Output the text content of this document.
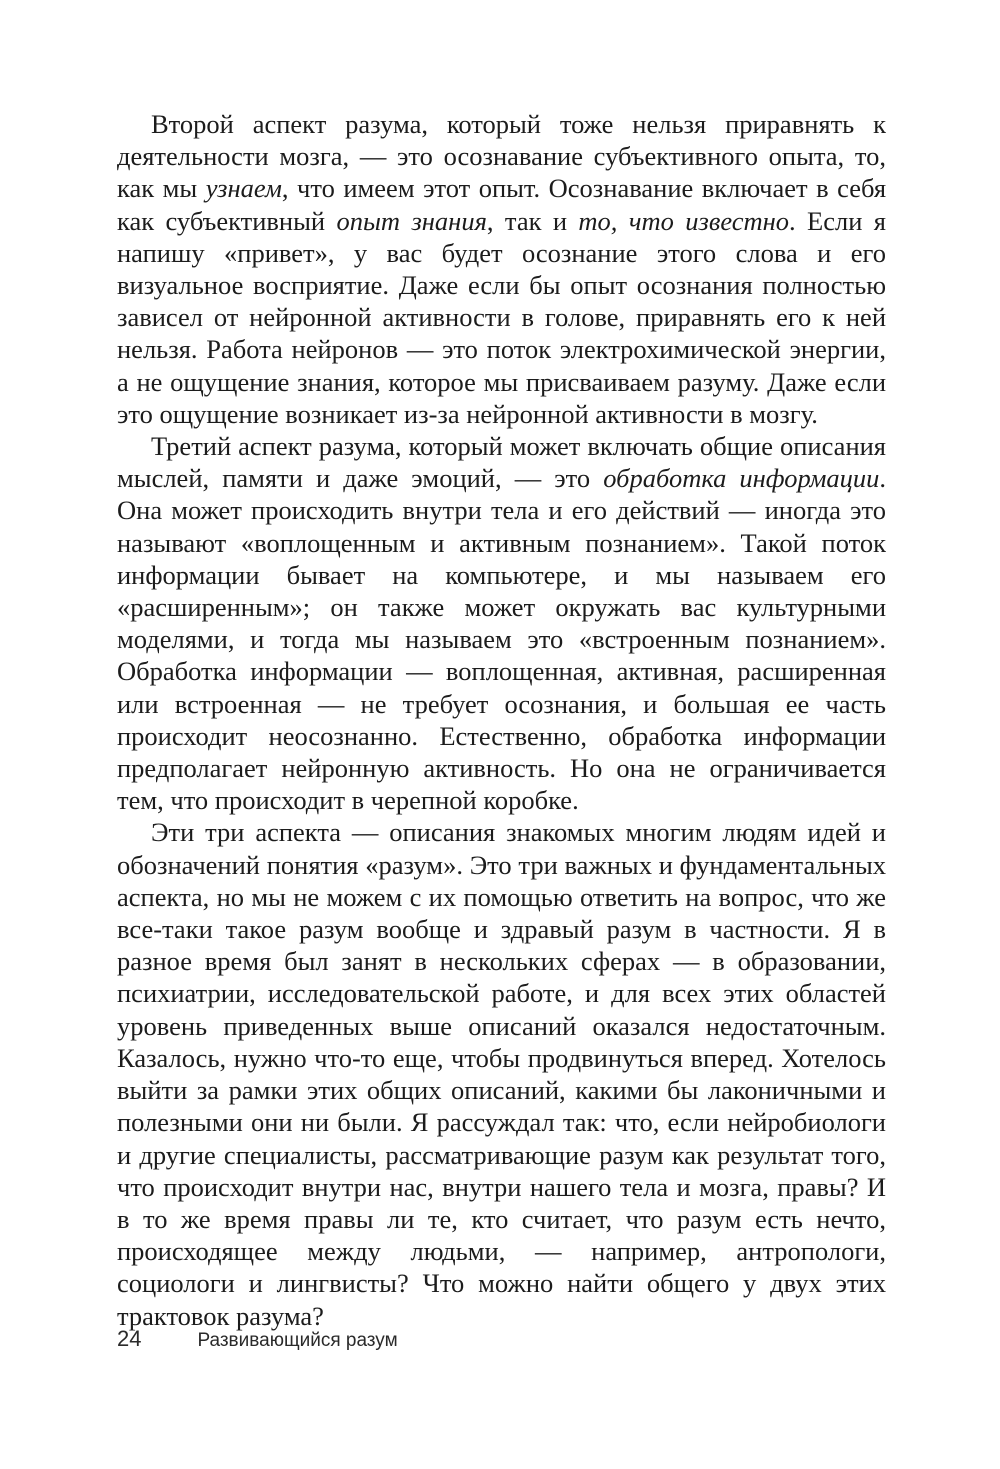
Второй аспект разума, который тоже нельзя приравнять к деятельности мозга, — это осознавание субъективного опыта, то, как мы узнаем, что имеем этот опыт. Осознавание включает в себя как субъективный опыт знания, так и то, что известно. Если я напишу «привет», у вас будет осознание этого слова и его визуальное восприятие. Даже если бы опыт осознания полностью зависел от нейронной активности в голове, приравнять его к ней нельзя. Работа нейронов — это поток электрохимической энергии, а не ощущение знания, которое мы присваиваем разуму. Даже если это ощущение возникает из-за нейронной активности в мозгу.

Третий аспект разума, который может включать общие описания мыслей, памяти и даже эмоций, — это обработка информации. Она может происходить внутри тела и его действий — иногда это называют «воплощенным и активным познанием». Такой поток информации бывает на компьютере, и мы называем его «расширенным»; он также может окружать вас культурными моделями, и тогда мы называем это «встроенным познанием». Обработка информации — воплощенная, активная, расширенная или встроенная — не требует осознания, и большая ее часть происходит неосознанно. Естественно, обработка информации предполагает нейронную активность. Но она не ограничивается тем, что происходит в черепной коробке.

Эти три аспекта — описания знакомых многим людям идей и обозначений понятия «разум». Это три важных и фундаментальных аспекта, но мы не можем с их помощью ответить на вопрос, что же все-таки такое разум вообще и здравый разум в частности. Я в разное время был занят в нескольких сферах — в образовании, психиатрии, исследовательской работе, и для всех этих областей уровень приведенных выше описаний оказался недостаточным. Казалось, нужно что-то еще, чтобы продвинуться вперед. Хотелось выйти за рамки этих общих описаний, какими бы лаконичными и полезными они ни были. Я рассуждал так: что, если нейробиологи и другие специалисты, рассматривающие разум как результат того, что происходит внутри нас, внутри нашего тела и мозга, правы? И в то же время правы ли те, кто считает, что разум есть нечто, происходящее между людьми, — например, антропологи, социологи и лингвисты? Что можно найти общего у двух этих трактовок разума?

24	Развивающийся разум
